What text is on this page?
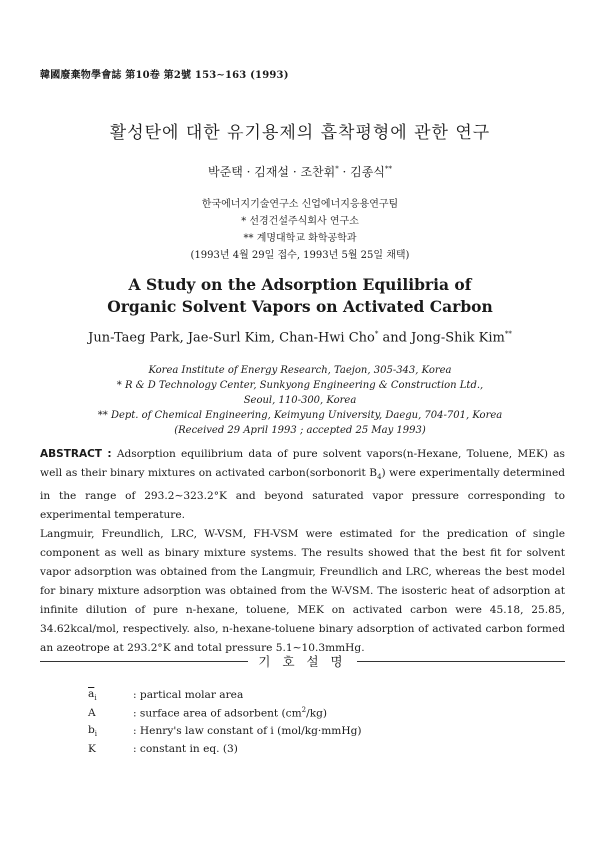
韓國廢棄物學會誌 第10卷 第2號 153∼163 (1993)
활성탄에 대한 유기용제의 흡착평형에 관한 연구
박준택 · 김재설 · 조찬휘* · 김종식**
한국에너지기술연구소 신업에너지응용연구팀
* 선경건설주식회사 연구소
** 계명대학교 화학공학과
(1993년 4월 29일 접수, 1993년 5월 25일 채택)
A Study on the Adsorption Equilibria of
Organic Solvent Vapors on Activated Carbon
Jun-Taeg Park, Jae-Surl Kim, Chan-Hwi Cho* and Jong-Shik Kim**
Korea Institute of Energy Research, Taejon, 305-343, Korea
* R & D Technology Center, Sunkyong Engineering & Construction Ltd.,
Seoul, 110-300, Korea
** Dept. of Chemical Engineering, Keimyung University, Daegu, 704-701, Korea
(Received 29 April 1993 ; accepted 25 May 1993)

ABSTRACT : Adsorption equilibrium data of pure solvent vapors(n-Hexane, Toluene, MEK) as well as their binary mixtures on activated carbon(sorbonorit $B_4$) were experimentally determined in the range of 293.2∼323.2°K and beyond saturated vapor pressure corresponding to experimental temperature.

Langmuir, Freundlich, LRC, W-VSM, FH-VSM were estimated for the predication of single component as well as binary mixture systems. The results showed that the best fit for solvent vapor adsorption was obtained from the Langmuir, Freundlich and LRC, whereas the best model for binary mixture adsorption was obtained from the W-VSM. The isosteric heat of adsorption at infinite dilution of pure n-hexane, toluene, MEK on activated carbon were 45.18, 25.85, 34.62kcal/mol, respectively. also, n-hexane-toluene binary adsorption of activated carbon formed an azeotrope at 293.2°K and total pressure 5.1∼10.3mmHg.

기 호 설 명
$\overline{a}_i$	: partical molar area
A	: surface area of adsorbent $(cm^2/kg)$
$b_i$	: Henry's law constant of i (mol/kg·mmHg)
K	: constant in eq. (3)
